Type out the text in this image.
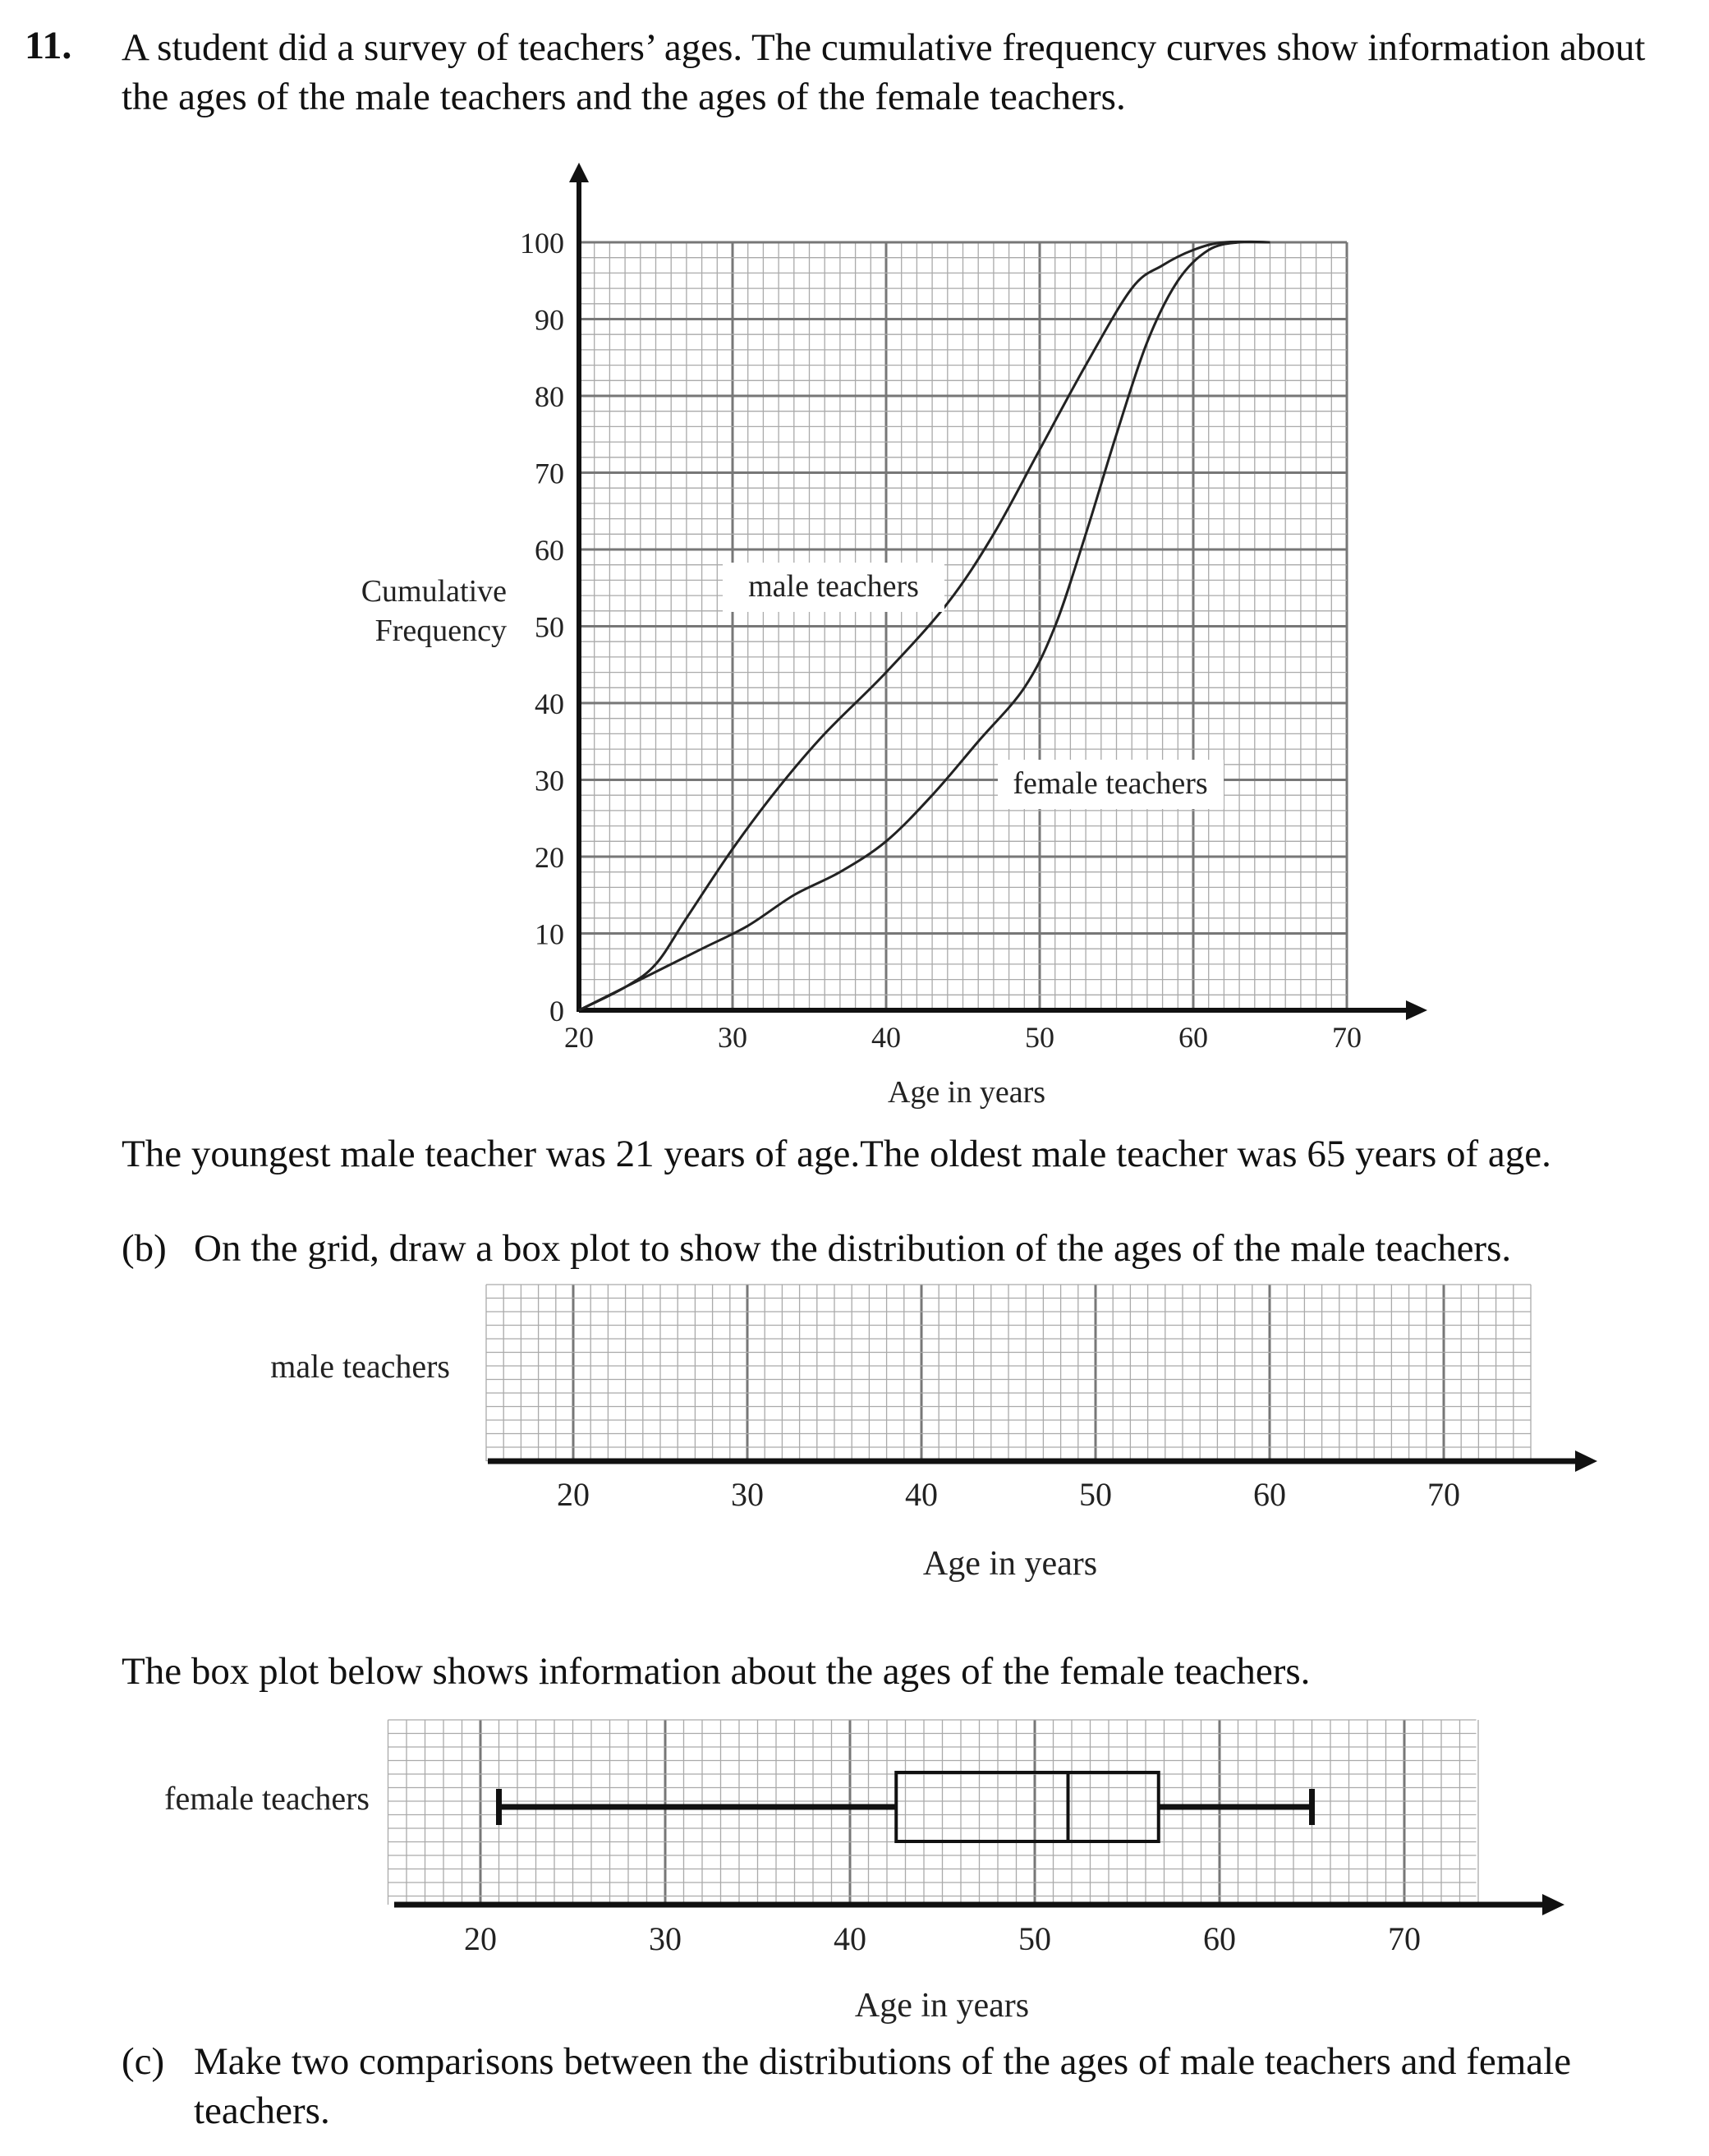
11. A student did a survey of teachers’ ages. The cumulative frequency curves show information about the ages of the male teachers and the ages of the female teachers.
0
10
20
30
40
50
60
70
80
90
100
20	30	40	50	60	70
male teachers
female teachers
Cumulative
Frequency
Age in years
The youngest male teacher was 21 years of age.The oldest male teacher was 65 years of age.
(b) On the grid, draw a box plot to show the distribution of the ages of the male teachers.
male teachers
20	30	40	50	60	70
Age in years
The box plot below shows information about the ages of the female teachers.
female teachers
20	30	40	50	60	70
Age in years
(c) Make two comparisons between the distributions of the ages of male teachers and female teachers.
